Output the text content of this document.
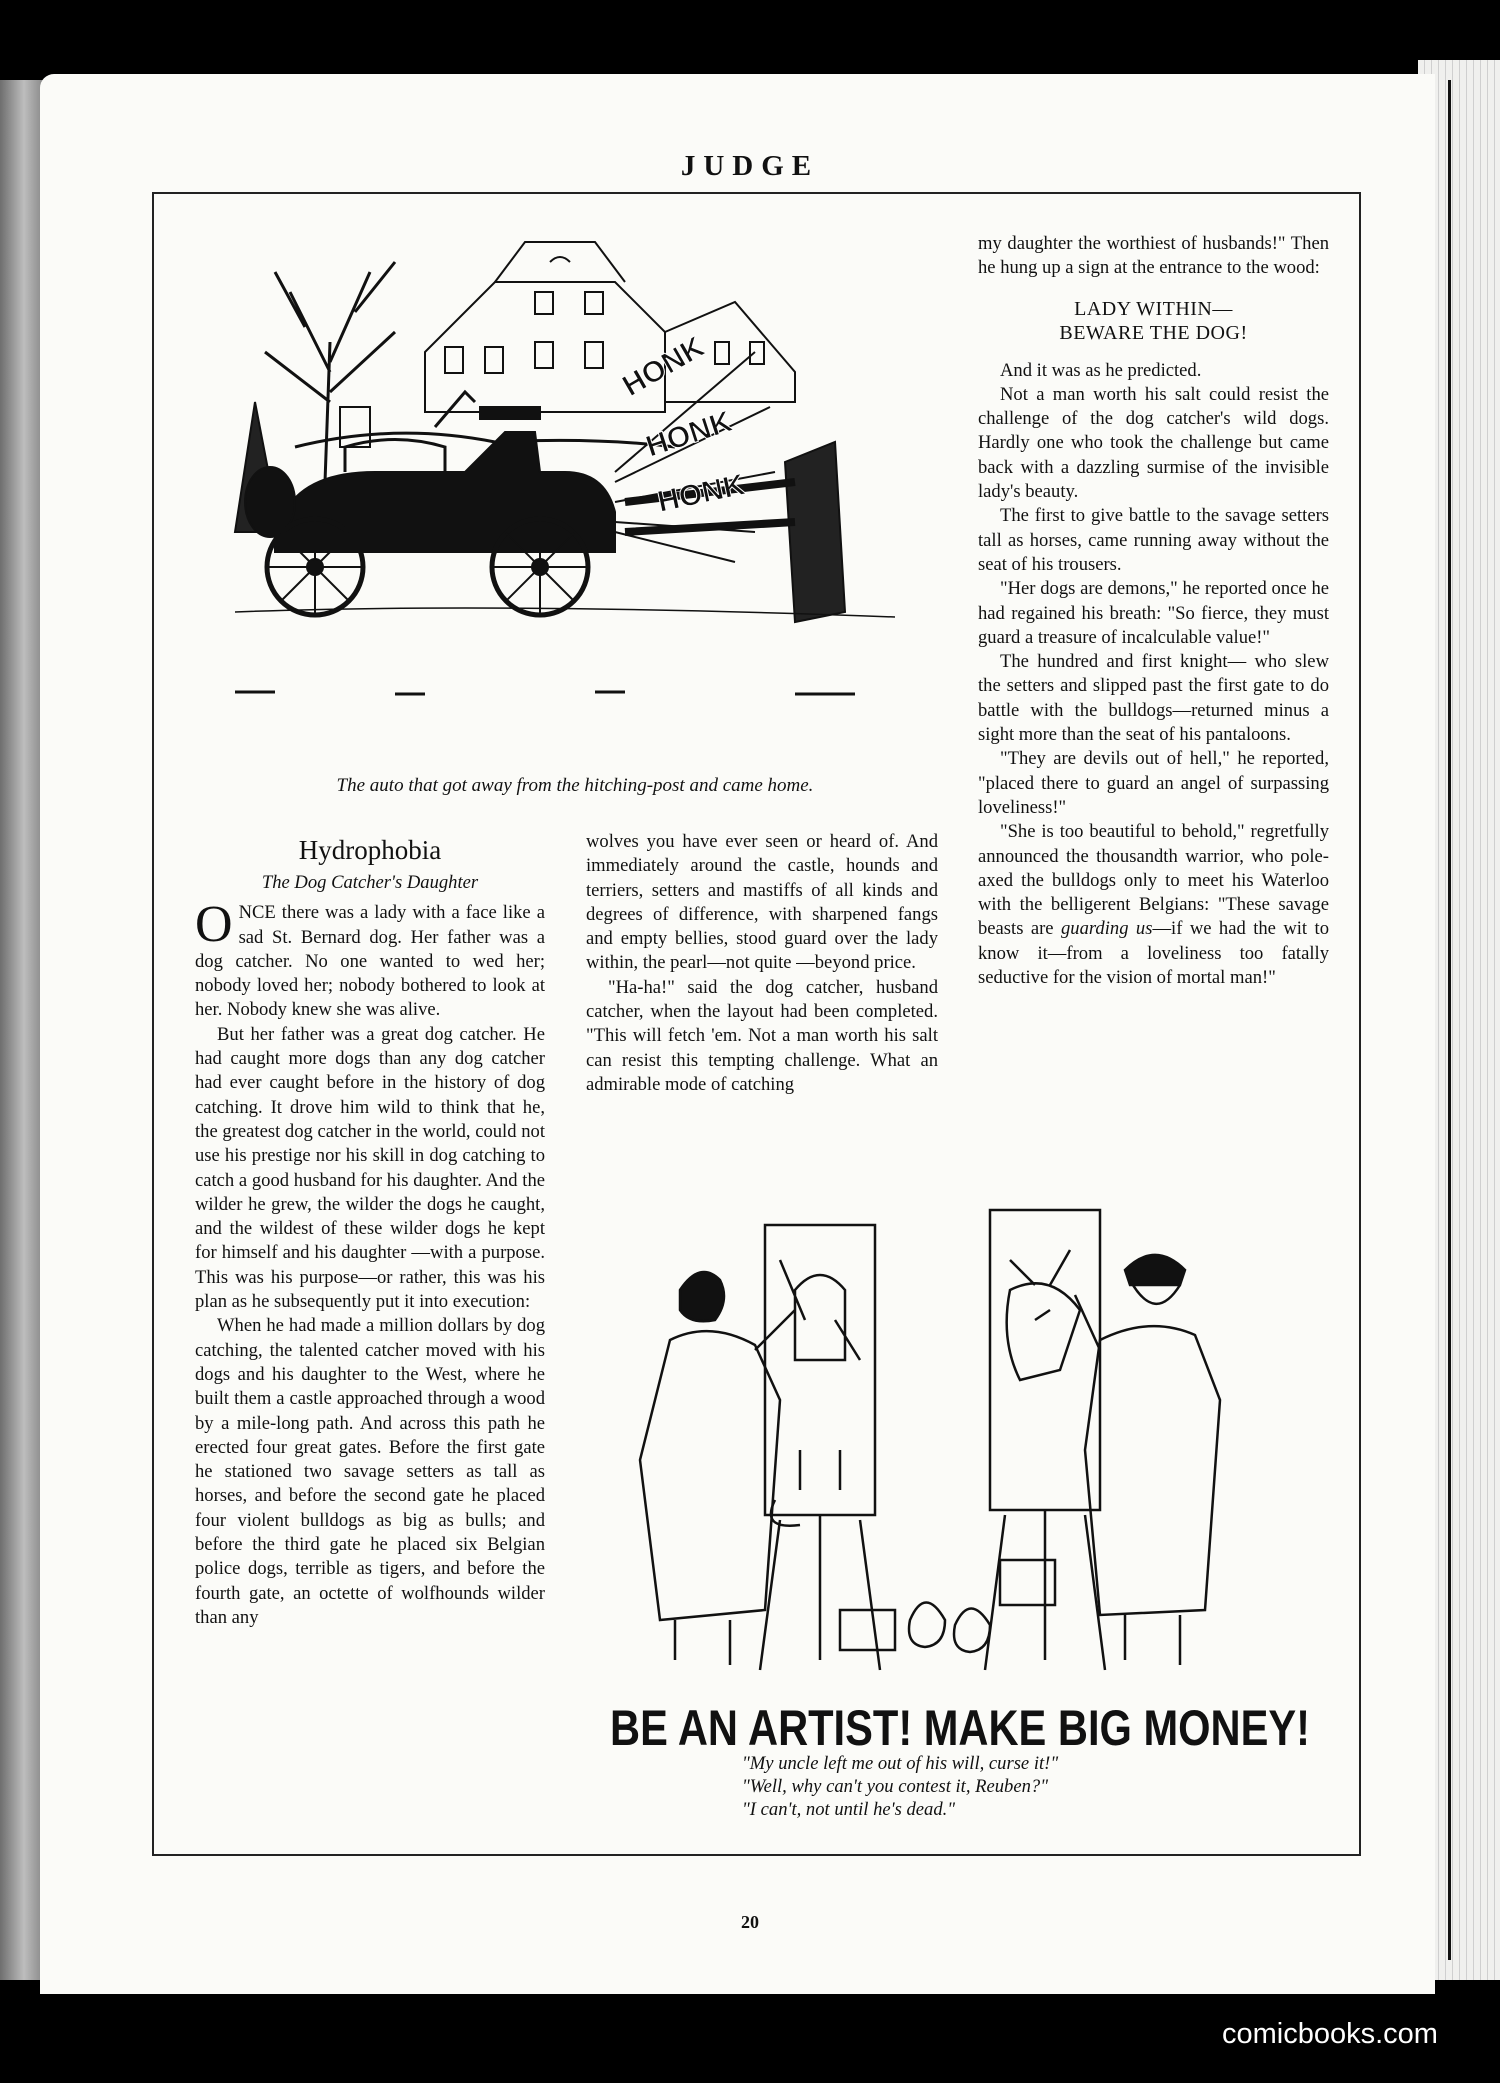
JUDGE
HONK
HONK
HONK
The auto that got away from the hitching-post and came home.
Hydrophobia
The Dog Catcher's Daughter

ONCE there was a lady with a face like a sad St. Bernard dog. Her father was a dog catcher. No one wanted to wed her; nobody loved her; nobody bothered to look at her. Nobody knew she was alive.

But her father was a great dog catcher. He had caught more dogs than any dog catcher had ever caught before in the history of dog catching. It drove him wild to think that he, the greatest dog catcher in the world, could not use his prestige nor his skill in dog catching to catch a good husband for his daughter. And the wilder he grew, the wilder the dogs he caught, and the wildest of these wilder dogs he kept for himself and his daughter —with a purpose. This was his purpose—or rather, this was his plan as he subsequently put it into execution:

When he had made a million dollars by dog catching, the talented catcher moved with his dogs and his daughter to the West, where he built them a castle approached through a wood by a mile-long path. And across this path he erected four great gates. Before the first gate he stationed two savage setters as tall as horses, and before the second gate he placed four violent bulldogs as big as bulls; and before the third gate he placed six Belgian police dogs, terrible as tigers, and before the fourth gate, an octette of wolfhounds wilder than any

wolves you have ever seen or heard of. And immediately around the castle, hounds and terriers, setters and mastiffs of all kinds and degrees of difference, with sharpened fangs and empty bellies, stood guard over the lady within, the pearl—not quite —beyond price.

"Ha-ha!" said the dog catcher, husband catcher, when the layout had been completed. "This will fetch 'em. Not a man worth his salt can resist this tempting challenge. What an admirable mode of catching

my daughter the worthiest of husbands!" Then he hung up a sign at the entrance to the wood:

LADY WITHIN—
BEWARE THE DOG!

And it was as he predicted.

Not a man worth his salt could resist the challenge of the dog catcher's wild dogs. Hardly one who took the challenge but came back with a dazzling surmise of the invisible lady's beauty.

The first to give battle to the savage setters tall as horses, came running away without the seat of his trousers.

"Her dogs are demons," he reported once he had regained his breath: "So fierce, they must guard a treasure of incalculable value!"

The hundred and first knight— who slew the setters and slipped past the first gate to do battle with the bulldogs—returned minus a sight more than the seat of his pantaloons.

"They are devils out of hell," he reported, "placed there to guard an angel of surpassing loveliness!"

"She is too beautiful to behold," regretfully announced the thousandth warrior, who pole-axed the bulldogs only to meet his Waterloo with the belligerent Belgians: "These savage beasts are guarding us—if we had the wit to know it—from a loveliness too fatally seductive for the vision of mortal man!"

BE AN ARTIST! MAKE BIG MONEY!
"My uncle left me out of his will, curse it!"
"Well, why can't you contest it, Reuben?"
"I can't, not until he's dead."
20
comicbooks.com
